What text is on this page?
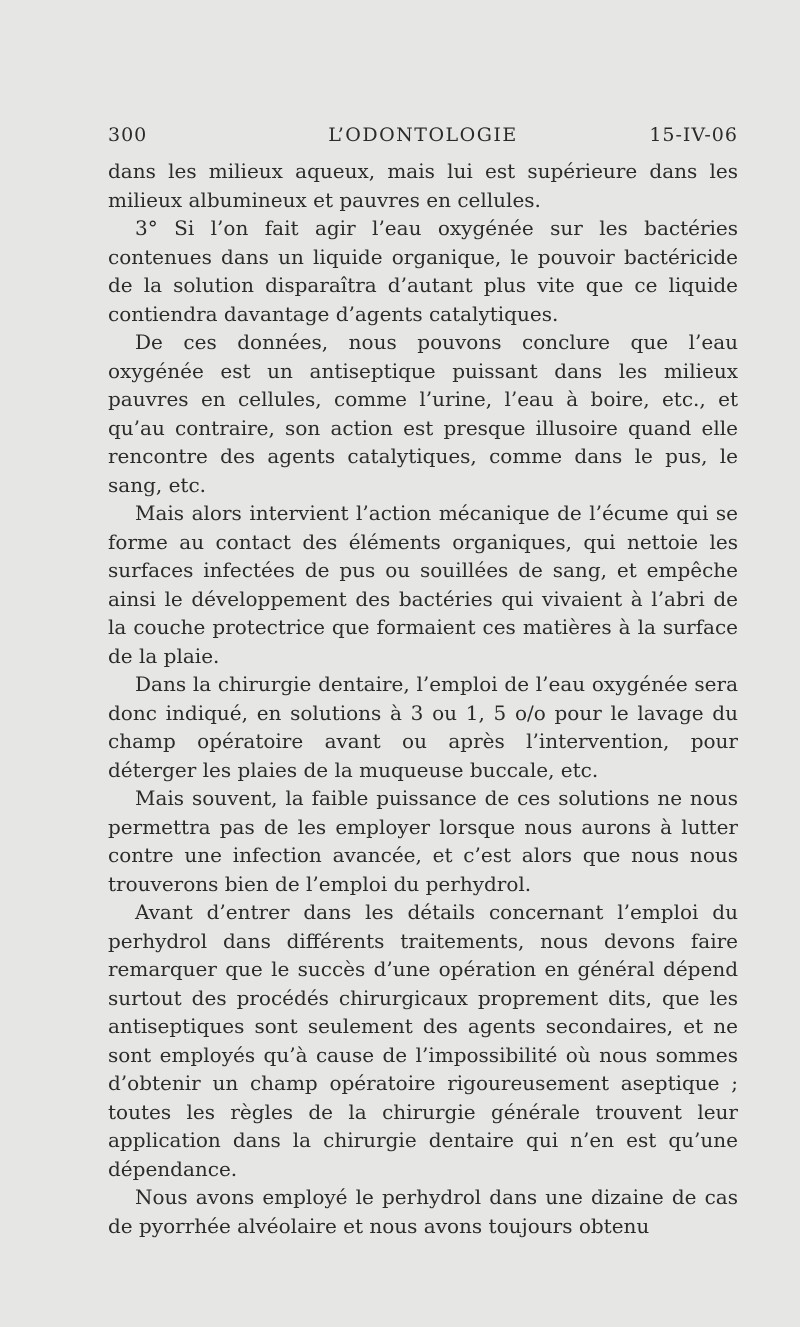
300	L’ODONTOLOGIE	15-IV-06

dans les milieux aqueux, mais lui est supérieure dans les milieux albumineux et pauvres en cellules.

3° Si l’on fait agir l’eau oxygénée sur les bactéries contenues dans un liquide organique, le pouvoir bactéricide de la solution disparaîtra d’autant plus vite que ce liquide contiendra davantage d’agents catalytiques.

De ces données, nous pouvons conclure que l’eau oxygénée est un antiseptique puissant dans les milieux pauvres en cellules, comme l’urine, l’eau à boire, etc., et qu’au contraire, son action est presque illusoire quand elle rencontre des agents catalytiques, comme dans le pus, le sang, etc.

Mais alors intervient l’action mécanique de l’écume qui se forme au contact des éléments organiques, qui nettoie les surfaces infectées de pus ou souillées de sang, et empêche ainsi le développement des bactéries qui vivaient à l’abri de la couche protectrice que formaient ces matières à la surface de la plaie.

Dans la chirurgie dentaire, l’emploi de l’eau oxygénée sera donc indiqué, en solutions à 3 ou 1, 5 o/o pour le lavage du champ opératoire avant ou après l’intervention, pour déterger les plaies de la muqueuse buccale, etc.

Mais souvent, la faible puissance de ces solutions ne nous permettra pas de les employer lorsque nous aurons à lutter contre une infection avancée, et c’est alors que nous nous trouverons bien de l’emploi du perhydrol.

Avant d’entrer dans les détails concernant l’emploi du perhydrol dans différents traitements, nous devons faire remarquer que le succès d’une opération en général dépend surtout des procédés chirurgicaux proprement dits, que les antiseptiques sont seulement des agents secondaires, et ne sont employés qu’à cause de l’impossibilité où nous sommes d’obtenir un champ opératoire rigoureusement aseptique ; toutes les règles de la chirurgie générale trouvent leur application dans la chirurgie dentaire qui n’en est qu’une dépendance.

Nous avons employé le perhydrol dans une dizaine de cas de pyorrhée alvéolaire et nous avons toujours obtenu
